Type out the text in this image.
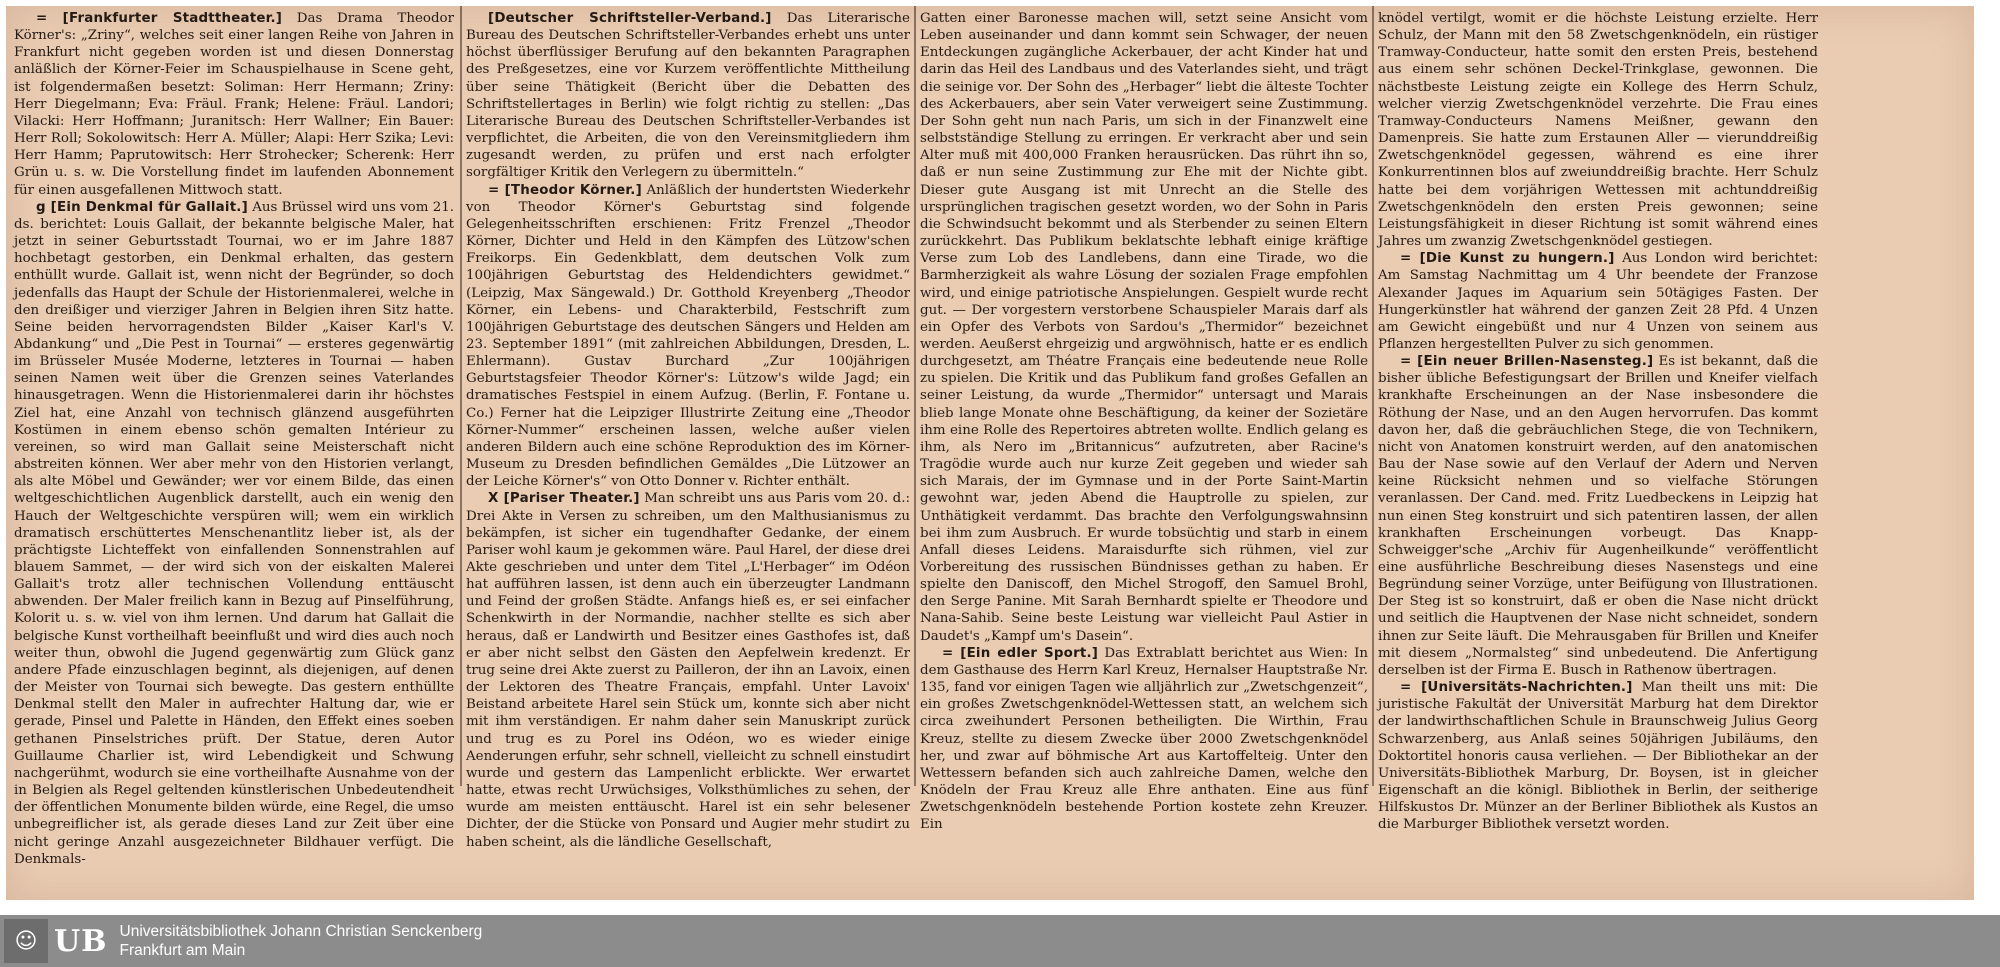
= [Frankfurter Stadttheater.] Das Drama Theodor Körner's: „Zriny“, welches seit einer langen Reihe von Jahren in Frankfurt nicht gegeben worden ist und diesen Donnerstag anläßlich der Körner-Feier im Schauspielhause in Scene geht, ist folgendermaßen besetzt: Soliman: Herr Hermann; Zriny: Herr Diegelmann; Eva: Fräul. Frank; Helene: Fräul. Landori; Vilacki: Herr Hoffmann; Juranitsch: Herr Wallner; Ein Bauer: Herr Roll; Sokolowitsch: Herr A. Müller; Alapi: Herr Szika; Levi: Herr Hamm; Paprutowitsch: Herr Strohecker; Scherenk: Herr Grün u. s. w. Die Vorstellung findet im laufenden Abonnement für einen ausgefallenen Mittwoch statt.

g [Ein Denkmal für Gallait.] Aus Brüssel wird uns vom 21. ds. berichtet: Louis Gallait, der bekannte belgische Maler, hat jetzt in seiner Geburtsstadt Tournai, wo er im Jahre 1887 hochbetagt gestorben, ein Denkmal erhalten, das gestern enthüllt wurde. Gallait ist, wenn nicht der Begründer, so doch jedenfalls das Haupt der Schule der Historienmalerei, welche in den dreißiger und vierziger Jahren in Belgien ihren Sitz hatte. Seine beiden hervorragendsten Bilder „Kaiser Karl's V. Abdankung“ und „Die Pest in Tournai“ — ersteres gegenwärtig im Brüsseler Musée Moderne, letzteres in Tournai — haben seinen Namen weit über die Grenzen seines Vaterlandes hinausgetragen. Wenn die Historienmalerei darin ihr höchstes Ziel hat, eine Anzahl von technisch glänzend ausgeführten Kostümen in einem ebenso schön gemalten Intérieur zu vereinen, so wird man Gallait seine Meisterschaft nicht abstreiten können. Wer aber mehr von den Historien verlangt, als alte Möbel und Gewänder; wer vor einem Bilde, das einen weltgeschichtlichen Augenblick darstellt, auch ein wenig den Hauch der Weltgeschichte verspüren will; wem ein wirklich dramatisch erschüttertes Menschenantlitz lieber ist, als der prächtigste Lichteffekt von einfallenden Sonnenstrahlen auf blauem Sammet, — der wird sich von der eiskalten Malerei Gallait's trotz aller technischen Vollendung enttäuscht abwenden. Der Maler freilich kann in Bezug auf Pinselführung, Kolorit u. s. w. viel von ihm lernen. Und darum hat Gallait die belgische Kunst vortheilhaft beeinflußt und wird dies auch noch weiter thun, obwohl die Jugend gegenwärtig zum Glück ganz andere Pfade einzuschlagen beginnt, als diejenigen, auf denen der Meister von Tournai sich bewegte. Das gestern enthüllte Denkmal stellt den Maler in aufrechter Haltung dar, wie er gerade, Pinsel und Palette in Händen, den Effekt eines soeben gethanen Pinselstriches prüft. Der Statue, deren Autor Guillaume Charlier ist, wird Lebendigkeit und Schwung nachgerühmt, wodurch sie eine vortheilhafte Ausnahme von der in Belgien als Regel geltenden künstlerischen Unbedeutendheit der öffentlichen Monumente bilden würde, eine Regel, die umso unbegreiflicher ist, als gerade dieses Land zur Zeit über eine nicht geringe Anzahl ausgezeichneter Bildhauer verfügt. Die Denkmals-

[Deutscher Schriftsteller-Verband.] Das Literarische Bureau des Deutschen Schriftsteller-Verbandes erhebt uns unter höchst überflüssiger Berufung auf den bekannten Paragraphen des Preßgesetzes, eine vor Kurzem veröffentlichte Mittheilung über seine Thätigkeit (Bericht über die Debatten des Schriftstellertages in Berlin) wie folgt richtig zu stellen: „Das Literarische Bureau des Deutschen Schriftsteller-Verbandes ist verpflichtet, die Arbeiten, die von den Vereinsmitgliedern ihm zugesandt werden, zu prüfen und erst nach erfolgter sorgfältiger Kritik den Verlegern zu übermitteln.“

= [Theodor Körner.] Anläßlich der hundertsten Wiederkehr von Theodor Körner's Geburtstag sind folgende Gelegenheitsschriften erschienen: Fritz Frenzel „Theodor Körner, Dichter und Held in den Kämpfen des Lützow'schen Freikorps. Ein Gedenkblatt, dem deutschen Volk zum 100jährigen Geburtstag des Heldendichters gewidmet.“ (Leipzig, Max Sängewald.) Dr. Gotthold Kreyenberg „Theodor Körner, ein Lebens- und Charakterbild, Festschrift zum 100jährigen Geburtstage des deutschen Sängers und Helden am 23. September 1891“ (mit zahlreichen Abbildungen, Dresden, L. Ehlermann). Gustav Burchard „Zur 100jährigen Geburtstagsfeier Theodor Körner's: Lützow's wilde Jagd; ein dramatisches Festspiel in einem Aufzug. (Berlin, F. Fontane u. Co.) Ferner hat die Leipziger Illustrirte Zeitung eine „Theodor Körner-Nummer“ erscheinen lassen, welche außer vielen anderen Bildern auch eine schöne Reproduktion des im Körner-Museum zu Dresden befindlichen Gemäldes „Die Lützower an der Leiche Körner's“ von Otto Donner v. Richter enthält.

X [Pariser Theater.] Man schreibt uns aus Paris vom 20. d.: Drei Akte in Versen zu schreiben, um den Malthusianismus zu bekämpfen, ist sicher ein tugendhafter Gedanke, der einem Pariser wohl kaum je gekommen wäre. Paul Harel, der diese drei Akte geschrieben und unter dem Titel „L'Herbager“ im Odéon hat aufführen lassen, ist denn auch ein überzeugter Landmann und Feind der großen Städte. Anfangs hieß es, er sei einfacher Schenkwirth in der Normandie, nachher stellte es sich aber heraus, daß er Landwirth und Besitzer eines Gasthofes ist, daß er aber nicht selbst den Gästen den Aepfelwein kredenzt. Er trug seine drei Akte zuerst zu Pailleron, der ihn an Lavoix, einen der Lektoren des Theatre Français, empfahl. Unter Lavoix' Beistand arbeitete Harel sein Stück um, konnte sich aber nicht mit ihm verständigen. Er nahm daher sein Manuskript zurück und trug es zu Porel ins Odéon, wo es wieder einige Aenderungen erfuhr, sehr schnell, vielleicht zu schnell einstudirt wurde und gestern das Lampenlicht erblickte. Wer erwartet hatte, etwas recht Urwüchsiges, Volksthümliches zu sehen, der wurde am meisten enttäuscht. Harel ist ein sehr belesener Dichter, der die Stücke von Ponsard und Augier mehr studirt zu haben scheint, als die ländliche Gesellschaft,

Gatten einer Baronesse machen will, setzt seine Ansicht vom Leben auseinander und dann kommt sein Schwager, der neuen Entdeckungen zugängliche Ackerbauer, der acht Kinder hat und darin das Heil des Landbaus und des Vaterlandes sieht, und trägt die seinige vor. Der Sohn des „Herbager“ liebt die älteste Tochter des Ackerbauers, aber sein Vater verweigert seine Zustimmung. Der Sohn geht nun nach Paris, um sich in der Finanzwelt eine selbstständige Stellung zu erringen. Er verkracht aber und sein Alter muß mit 400,000 Franken herausrücken. Das rührt ihn so, daß er nun seine Zustimmung zur Ehe mit der Nichte gibt. Dieser gute Ausgang ist mit Unrecht an die Stelle des ursprünglichen tragischen gesetzt worden, wo der Sohn in Paris die Schwindsucht bekommt und als Sterbender zu seinen Eltern zurückkehrt. Das Publikum beklatschte lebhaft einige kräftige Verse zum Lob des Landlebens, dann eine Tirade, wo die Barmherzigkeit als wahre Lösung der sozialen Frage empfohlen wird, und einige patriotische Anspielungen. Gespielt wurde recht gut. — Der vorgestern verstorbene Schauspieler Marais darf als ein Opfer des Verbots von Sardou's „Thermidor“ bezeichnet werden. Aeußerst ehrgeizig und argwöhnisch, hatte er es endlich durchgesetzt, am Théatre Français eine bedeutende neue Rolle zu spielen. Die Kritik und das Publikum fand großes Gefallen an seiner Leistung, da wurde „Thermidor“ untersagt und Marais blieb lange Monate ohne Beschäftigung, da keiner der Sozietäre ihm eine Rolle des Repertoires abtreten wollte. Endlich gelang es ihm, als Nero im „Britannicus“ aufzutreten, aber Racine's Tragödie wurde auch nur kurze Zeit gegeben und wieder sah sich Marais, der im Gymnase und in der Porte Saint-Martin gewohnt war, jeden Abend die Hauptrolle zu spielen, zur Unthätigkeit verdammt. Das brachte den Verfolgungswahnsinn bei ihm zum Ausbruch. Er wurde tobsüchtig und starb in einem Anfall dieses Leidens. Maraisdurfte sich rühmen, viel zur Vorbereitung des russischen Bündnisses gethan zu haben. Er spielte den Daniscoff, den Michel Strogoff, den Samuel Brohl, den Serge Panine. Mit Sarah Bernhardt spielte er Theodore und Nana-Sahib. Seine beste Leistung war vielleicht Paul Astier in Daudet's „Kampf um's Dasein“.

= [Ein edler Sport.] Das Extrablatt berichtet aus Wien: In dem Gasthause des Herrn Karl Kreuz, Hernalser Hauptstraße Nr. 135, fand vor einigen Tagen wie alljährlich zur „Zwetschgenzeit“, ein großes Zwetschgenknödel-Wettessen statt, an welchem sich circa zweihundert Personen betheiligten. Die Wirthin, Frau Kreuz, stellte zu diesem Zwecke über 2000 Zwetschgenknödel her, und zwar auf böhmische Art aus Kartoffelteig. Unter den Wettessern befanden sich auch zahlreiche Damen, welche den Knödeln der Frau Kreuz alle Ehre anthaten. Eine aus fünf Zwetschgenknödeln bestehende Portion kostete zehn Kreuzer. Ein

knödel vertilgt, womit er die höchste Leistung erzielte. Herr Schulz, der Mann mit den 58 Zwetschgenknödeln, ein rüstiger Tramway-Conducteur, hatte somit den ersten Preis, bestehend aus einem sehr schönen Deckel-Trinkglase, gewonnen. Die nächstbeste Leistung zeigte ein Kollege des Herrn Schulz, welcher vierzig Zwetschgenknödel verzehrte. Die Frau eines Tramway-Conducteurs Namens Meißner, gewann den Damenpreis. Sie hatte zum Erstaunen Aller — vierunddreißig Zwetschgenknödel gegessen, während es eine ihrer Konkurrentinnen blos auf zweiunddreißig brachte. Herr Schulz hatte bei dem vorjährigen Wettessen mit achtunddreißig Zwetschgenknödeln den ersten Preis gewonnen; seine Leistungsfähigkeit in dieser Richtung ist somit während eines Jahres um zwanzig Zwetschgenknödel gestiegen.

= [Die Kunst zu hungern.] Aus London wird berichtet: Am Samstag Nachmittag um 4 Uhr beendete der Franzose Alexander Jaques im Aquarium sein 50tägiges Fasten. Der Hungerkünstler hat während der ganzen Zeit 28 Pfd. 4 Unzen am Gewicht eingebüßt und nur 4 Unzen von seinem aus Pflanzen hergestellten Pulver zu sich genommen.

= [Ein neuer Brillen-Nasensteg.] Es ist bekannt, daß die bisher übliche Befestigungsart der Brillen und Kneifer vielfach krankhafte Erscheinungen an der Nase insbesondere die Röthung der Nase, und an den Augen hervorrufen. Das kommt davon her, daß die gebräuchlichen Stege, die von Technikern, nicht von Anatomen konstruirt werden, auf den anatomischen Bau der Nase sowie auf den Verlauf der Adern und Nerven keine Rücksicht nehmen und so vielfache Störungen veranlassen. Der Cand. med. Fritz Luedbeckens in Leipzig hat nun einen Steg konstruirt und sich patentiren lassen, der allen krankhaften Erscheinungen vorbeugt. Das Knapp-Schweigger'sche „Archiv für Augenheilkunde“ veröffentlicht eine ausführliche Beschreibung dieses Nasenstegs und eine Begründung seiner Vorzüge, unter Beifügung von Illustrationen. Der Steg ist so konstruirt, daß er oben die Nase nicht drückt und seitlich die Hauptvenen der Nase nicht schneidet, sondern ihnen zur Seite läuft. Die Mehrausgaben für Brillen und Kneifer mit diesem „Normalsteg“ sind unbedeutend. Die Anfertigung derselben ist der Firma E. Busch in Rathenow übertragen.

= [Universitäts-Nachrichten.] Man theilt uns mit: Die juristische Fakultät der Universität Marburg hat dem Direktor der landwirthschaftlichen Schule in Braunschweig Julius Georg Schwarzenberg, aus Anlaß seines 50jährigen Jubiläums, den Doktortitel honoris causa verliehen. — Der Bibliothekar an der Universitäts-Bibliothek Marburg, Dr. Boysen, ist in gleicher Eigenschaft an die königl. Bibliothek in Berlin, der seitherige Hilfskustos Dr. Münzer an der Berliner Bibliothek als Kustos an die Marburger Bibliothek versetzt worden.

☺ UB Universitätsbibliothek Johann Christian Senckenberg
Frankfurt am Main
